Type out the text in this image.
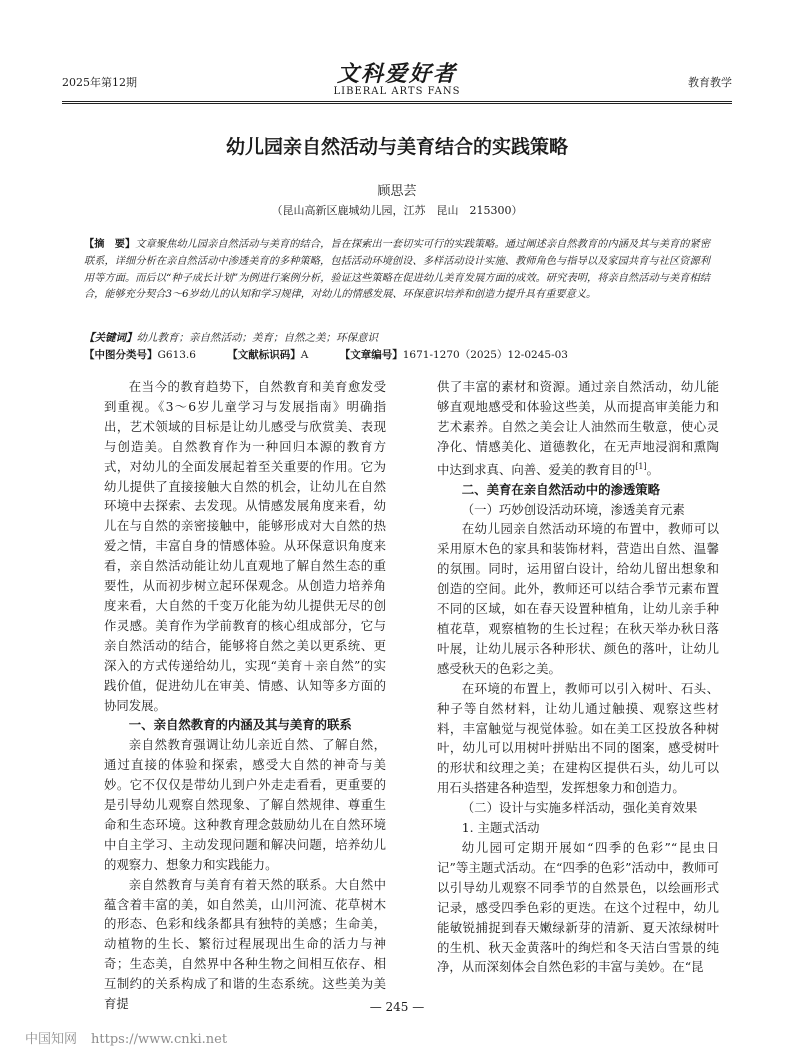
2025年第12期	文科爱好者
LIBERAL ARTS FANS
教育教学
幼儿园亲自然活动与美育结合的实践策略
顾思芸
（昆山高新区鹿城幼儿园，江苏　昆山　215300）
【摘　要】文章聚焦幼儿园亲自然活动与美育的结合，旨在探索出一套切实可行的实践策略。通过阐述亲自然教育的内涵及其与美育的紧密联系，详细分析在亲自然活动中渗透美育的多种策略，包括活动环境创设、多样活动设计实施、教师角色与指导以及家园共育与社区资源利用等方面。而后以“种子成长计划”为例进行案例分析，验证这些策略在促进幼儿美育发展方面的成效。研究表明，将亲自然活动与美育相结合，能够充分契合3～6岁幼儿的认知和学习规律，对幼儿的情感发展、环保意识培养和创造力提升具有重要意义。
【关键词】幼儿教育；亲自然活动；美育；自然之美；环保意识
【中图分类号】G613.6	【文献标识码】A	【文章编号】1671-1270（2025）12-0245-03

在当今的教育趋势下，自然教育和美育愈发受到重视。《3～6岁儿童学习与发展指南》明确指出，艺术领域的目标是让幼儿感受与欣赏美、表现与创造美。自然教育作为一种回归本源的教育方式，对幼儿的全面发展起着至关重要的作用。它为幼儿提供了直接接触大自然的机会，让幼儿在自然环境中去探索、去发现。从情感发展角度来看，幼儿在与自然的亲密接触中，能够形成对大自然的热爱之情，丰富自身的情感体验。从环保意识角度来看，亲自然活动能让幼儿直观地了解自然生态的重要性，从而初步树立起环保观念。从创造力培养角度来看，大自然的千变万化能为幼儿提供无尽的创作灵感。美育作为学前教育的核心组成部分，它与亲自然活动的结合，能够将自然之美以更系统、更深入的方式传递给幼儿，实现“美育＋亲自然”的实践价值，促进幼儿在审美、情感、认知等多方面的协同发展。

一、亲自然教育的内涵及其与美育的联系

亲自然教育强调让幼儿亲近自然、了解自然，通过直接的体验和探索，感受大自然的神奇与美妙。它不仅仅是带幼儿到户外走走看看，更重要的是引导幼儿观察自然现象、了解自然规律、尊重生命和生态环境。这种教育理念鼓励幼儿在自然环境中自主学习、主动发现问题和解决问题，培养幼儿的观察力、想象力和实践能力。

亲自然教育与美育有着天然的联系。大自然中蕴含着丰富的美，如自然美，山川河流、花草树木的形态、色彩和线条都具有独特的美感；生命美，动植物的生长、繁衍过程展现出生命的活力与神奇；生态美，自然界中各种生物之间相互依存、相互制约的关系构成了和谐的生态系统。这些美为美育提

供了丰富的素材和资源。通过亲自然活动，幼儿能够直观地感受和体验这些美，从而提高审美能力和艺术素养。自然之美会让人油然而生敬意，使心灵净化、情感美化、道德教化，在无声地浸润和熏陶中达到求真、向善、爱美的教育目的[1]。

二、美育在亲自然活动中的渗透策略
（一）巧妙创设活动环境，渗透美育元素

在幼儿园亲自然活动环境的布置中，教师可以采用原木色的家具和装饰材料，营造出自然、温馨的氛围。同时，运用留白设计，给幼儿留出想象和创造的空间。此外，教师还可以结合季节元素布置不同的区域，如在春天设置种植角，让幼儿亲手种植花草，观察植物的生长过程；在秋天举办秋日落叶展，让幼儿展示各种形状、颜色的落叶，让幼儿感受秋天的色彩之美。

在环境的布置上，教师可以引入树叶、石头、种子等自然材料，让幼儿通过触摸、观察这些材料，丰富触觉与视觉体验。如在美工区投放各种树叶，幼儿可以用树叶拼贴出不同的图案，感受树叶的形状和纹理之美；在建构区提供石头，幼儿可以用石头搭建各种造型，发挥想象力和创造力。

（二）设计与实施多样活动，强化美育效果
1. 主题式活动

幼儿园可定期开展如“四季的色彩”“昆虫日记”等主题式活动。在“四季的色彩”活动中，教师可以引导幼儿观察不同季节的自然景色，以绘画形式记录，感受四季色彩的更迭。在这个过程中，幼儿能敏锐捕捉到春天嫩绿新芽的清新、夏天浓绿树叶的生机、秋天金黄落叶的绚烂和冬天洁白雪景的纯净，从而深刻体会自然色彩的丰富与美妙。在“昆

— 245 —
中国知网 https://www.cnki.net
